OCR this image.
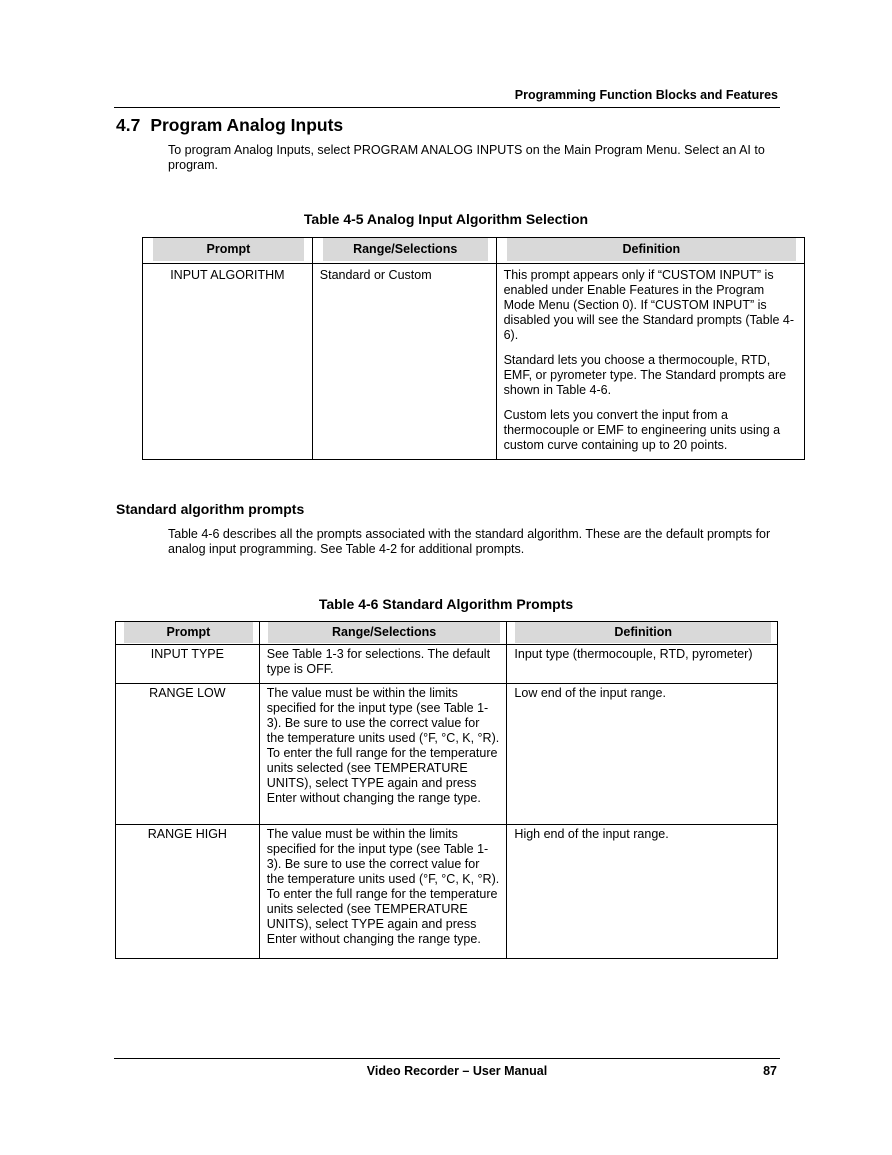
Programming Function Blocks and Features
4.7 Program Analog Inputs
To program Analog Inputs, select PROGRAM ANALOG INPUTS on the Main Program Menu. Select an AI to program.
Table 4-5 Analog Input Algorithm Selection
Prompt	Range/Selections	Definition

INPUT ALGORITHM	Standard or Custom	This prompt appears only if “CUSTOM INPUT” is enabled under Enable Features in the Program Mode Menu (Section 0). If “CUSTOM INPUT” is disabled you will see the Standard prompts (Table 4-6).

Standard lets you choose a thermocouple, RTD, EMF, or pyrometer type. The Standard prompts are shown in Table 4-6.

Custom lets you convert the input from a thermocouple or EMF to engineering units using a custom curve containing up to 20 points.

Standard algorithm prompts
Table 4-6 describes all the prompts associated with the standard algorithm. These are the default prompts for analog input programming. See Table 4-2 for additional prompts.
Table 4-6 Standard Algorithm Prompts
Prompt	Range/Selections	Definition

INPUT TYPE	See Table 1-3 for selections. The default type is OFF.	Input type (thermocouple, RTD, pyrometer)

RANGE LOW	The value must be within the limits specified for the input type (see Table 1-3). Be sure to use the correct value for the temperature units used (°F, °C, K, °R). To enter the full range for the temperature units selected (see TEMPERATURE UNITS), select TYPE again and press Enter without changing the range type.	Low end of the input range.

RANGE HIGH	The value must be within the limits specified for the input type (see Table 1-3). Be sure to use the correct value for the temperature units used (°F, °C, K, °R). To enter the full range for the temperature units selected (see TEMPERATURE UNITS), select TYPE again and press Enter without changing the range type.	High end of the input range.
Video Recorder – User Manual	87
